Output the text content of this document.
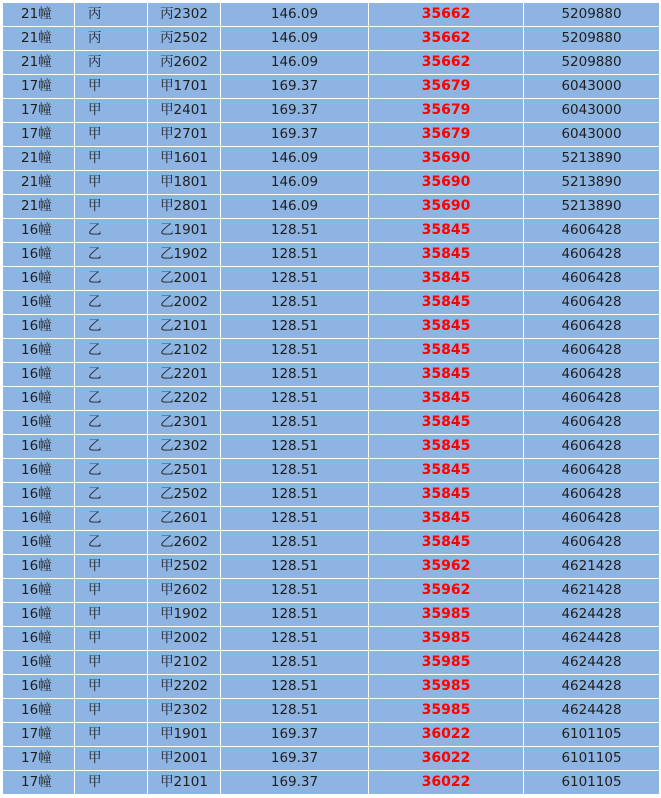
21幢	丙	丙2302	146.09	35662	5209880
21幢	丙	丙2502	146.09	35662	5209880
21幢	丙	丙2602	146.09	35662	5209880
17幢	甲	甲1701	169.37	35679	6043000
17幢	甲	甲2401	169.37	35679	6043000
17幢	甲	甲2701	169.37	35679	6043000
21幢	甲	甲1601	146.09	35690	5213890
21幢	甲	甲1801	146.09	35690	5213890
21幢	甲	甲2801	146.09	35690	5213890
16幢	乙	乙1901	128.51	35845	4606428
16幢	乙	乙1902	128.51	35845	4606428
16幢	乙	乙2001	128.51	35845	4606428
16幢	乙	乙2002	128.51	35845	4606428
16幢	乙	乙2101	128.51	35845	4606428
16幢	乙	乙2102	128.51	35845	4606428
16幢	乙	乙2201	128.51	35845	4606428
16幢	乙	乙2202	128.51	35845	4606428
16幢	乙	乙2301	128.51	35845	4606428
16幢	乙	乙2302	128.51	35845	4606428
16幢	乙	乙2501	128.51	35845	4606428
16幢	乙	乙2502	128.51	35845	4606428
16幢	乙	乙2601	128.51	35845	4606428
16幢	乙	乙2602	128.51	35845	4606428
16幢	甲	甲2502	128.51	35962	4621428
16幢	甲	甲2602	128.51	35962	4621428
16幢	甲	甲1902	128.51	35985	4624428
16幢	甲	甲2002	128.51	35985	4624428
16幢	甲	甲2102	128.51	35985	4624428
16幢	甲	甲2202	128.51	35985	4624428
16幢	甲	甲2302	128.51	35985	4624428
17幢	甲	甲1901	169.37	36022	6101105
17幢	甲	甲2001	169.37	36022	6101105
17幢	甲	甲2101	169.37	36022	6101105
